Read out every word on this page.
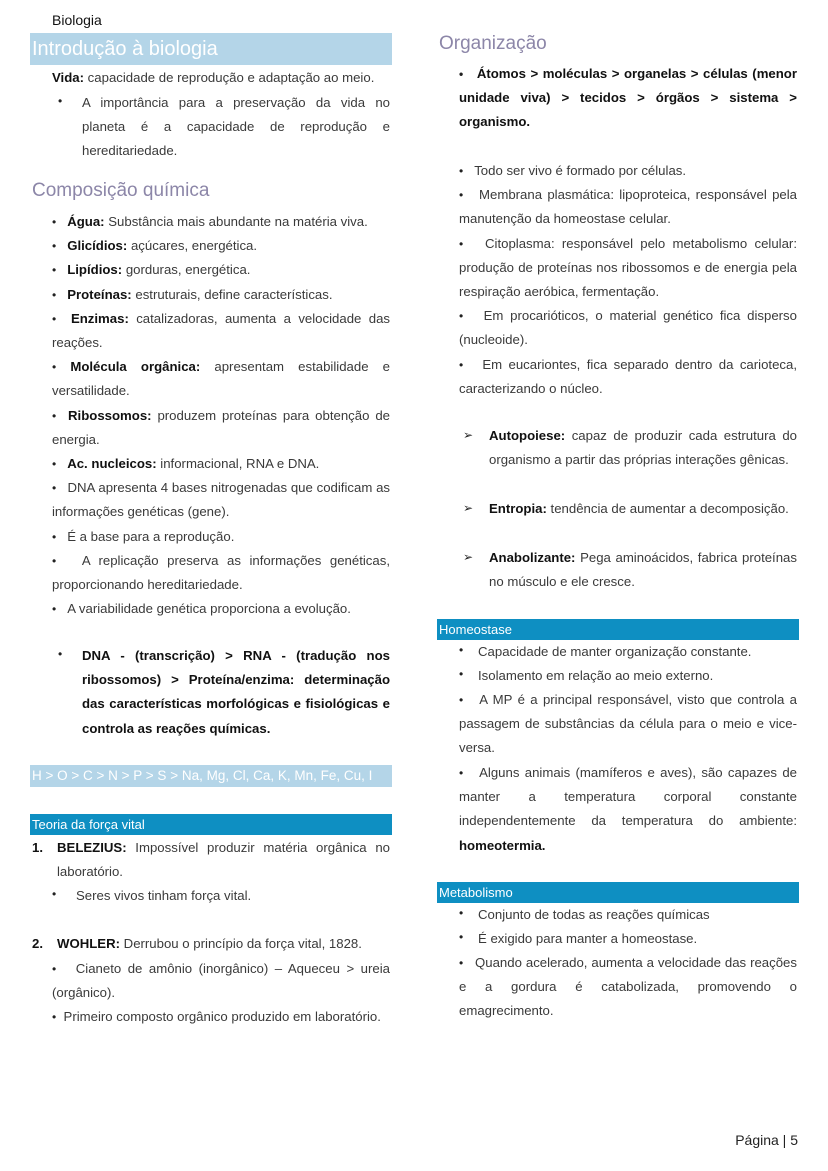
Biologia
Introdução à biologia
Vida: capacidade de reprodução e adaptação ao meio.
• A importância para a preservação da vida no planeta é a capacidade de reprodução e hereditariedade.
Composição química
• Água: Substância mais abundante na matéria viva.
• Glicídios: açúcares, energética.
• Lipídios: gorduras, energética.
• Proteínas: estruturais, define características.
• Enzimas: catalizadoras, aumenta a velocidade das reações.
• Molécula orgânica: apresentam estabilidade e versatilidade.
• Ribossomos: produzem proteínas para obtenção de energia.
• Ac. nucleicos: informacional, RNA e DNA.
• DNA apresenta 4 bases nitrogenadas que codificam as informações genéticas (gene).
• É a base para a reprodução.
• A replicação preserva as informações genéticas, proporcionando hereditariedade.
• A variabilidade genética proporciona a evolução.
• DNA - (transcrição) > RNA - (tradução nos ribossomos) > Proteína/enzima: determinação das características morfológicas e fisiológicas e controla as reações químicas.
H > O > C > N > P > S > Na, Mg, Cl, Ca, K, Mn, Fe, Cu, I
Teoria da força vital
1. BELEZIUS: Impossível produzir matéria orgânica no laboratório.
• Seres vivos tinham força vital.
2. WOHLER: Derrubou o princípio da força vital, 1828.
• Cianeto de amônio (inorgânico) – Aqueceu > ureia (orgânico).
• Primeiro composto orgânico produzido em laboratório.
Organização
• Átomos > moléculas > organelas > células (menor unidade viva) > tecidos > órgãos > sistema > organismo.
• Todo ser vivo é formado por células.
• Membrana plasmática: lipoproteica, responsável pela manutenção da homeostase celular.
• Citoplasma: responsável pelo metabolismo celular: produção de proteínas nos ribossomos e de energia pela respiração aeróbica, fermentação.
• Em procarióticos, o material genético fica disperso (nucleoide).
• Em eucariontes, fica separado dentro da carioteca, caracterizando o núcleo.
➢ Autopoiese: capaz de produzir cada estrutura do organismo a partir das próprias interações gênicas.
➢ Entropia: tendência de aumentar a decomposição.
➢ Anabolizante: Pega aminoácidos, fabrica proteínas no músculo e ele cresce.
Homeostase
• Capacidade de manter organização constante.
• Isolamento em relação ao meio externo.
• A MP é a principal responsável, visto que controla a passagem de substâncias da célula para o meio e vice-versa.
• Alguns animais (mamíferos e aves), são capazes de manter a temperatura corporal constante independentemente da temperatura do ambiente: homeotermia.
Metabolismo
• Conjunto de todas as reações químicas
• É exigido para manter a homeostase.
• Quando acelerado, aumenta a velocidade das reações e a gordura é catabolizada, promovendo o emagrecimento.
Página | 5
